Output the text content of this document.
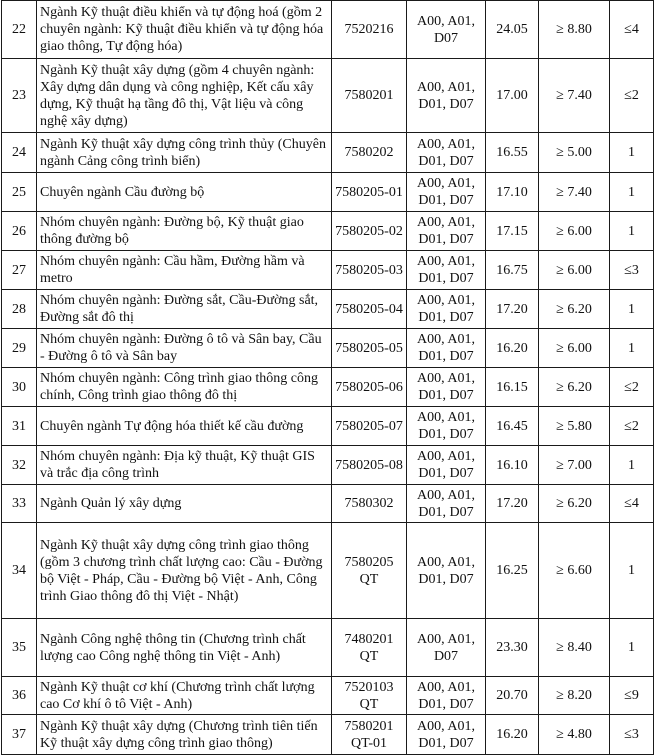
22	Ngành Kỹ thuật điều khiển và tự động hoá (gồm 2 chuyên ngành: Kỹ thuật điều khiển và tự động hóa giao thông, Tự động hóa)	7520216	A00, A01, D07	24.05	≥ 8.80	≤4
23	Ngành Kỹ thuật xây dựng (gồm 4 chuyên ngành: Xây dựng dân dụng và công nghiệp, Kết cấu xây dựng, Kỹ thuật hạ tầng đô thị, Vật liệu và công nghệ xây dựng)	7580201	A00, A01, D01, D07	17.00	≥ 7.40	≤2
24	Ngành Kỹ thuật xây dựng công trình thủy (Chuyên ngành Cảng công trình biển)	7580202	A00, A01, D01, D07	16.55	≥ 5.00	1
25	Chuyên ngành Cầu đường bộ	7580205-01	A00, A01, D01, D07	17.10	≥ 7.40	1
26	Nhóm chuyên ngành: Đường bộ, Kỹ thuật giao thông đường bộ	7580205-02	A00, A01, D01, D07	17.15	≥ 6.00	1
27	Nhóm chuyên ngành: Cầu hầm, Đường hầm và metro	7580205-03	A00, A01, D01, D07	16.75	≥ 6.00	≤3
28	Nhóm chuyên ngành: Đường sắt, Cầu-Đường sắt, Đường sắt đô thị	7580205-04	A00, A01, D01, D07	17.20	≥ 6.20	1
29	Nhóm chuyên ngành: Đường ô tô và Sân bay, Cầu - Đường ô tô và Sân bay	7580205-05	A00, A01, D01, D07	16.20	≥ 6.00	1
30	Nhóm chuyên ngành: Công trình giao thông công chính, Công trình giao thông đô thị	7580205-06	A00, A01, D01, D07	16.15	≥ 6.20	≤2
31	Chuyên ngành Tự động hóa thiết kế cầu đường	7580205-07	A00, A01, D01, D07	16.45	≥ 5.80	≤2
32	Nhóm chuyên ngành: Địa kỹ thuật, Kỹ thuật GIS và trắc địa công trình	7580205-08	A00, A01, D01, D07	16.10	≥ 7.00	1
33	Ngành Quản lý xây dựng	7580302	A00, A01, D01, D07	17.20	≥ 6.20	≤4
34	Ngành Kỹ thuật xây dựng công trình giao thông (gồm 3 chương trình chất lượng cao: Cầu - Đường bộ Việt - Pháp, Cầu - Đường bộ Việt - Anh, Công trình Giao thông đô thị Việt - Nhật)	7580205 QT	A00, A01, D01, D07	16.25	≥ 6.60	1
35	Ngành Công nghệ thông tin (Chương trình chất lượng cao Công nghệ thông tin Việt - Anh)	7480201 QT	A00, A01, D07	23.30	≥ 8.40	1
36	Ngành Kỹ thuật cơ khí (Chương trình chất lượng cao Cơ khí ô tô Việt - Anh)	7520103 QT	A00, A01, D01, D07	20.70	≥ 8.20	≤9
37	Ngành Kỹ thuật xây dựng (Chương trình tiên tiến Kỹ thuật xây dựng công trình giao thông)	7580201 QT-01	A00, A01, D01, D07	16.20	≥ 4.80	≤3
